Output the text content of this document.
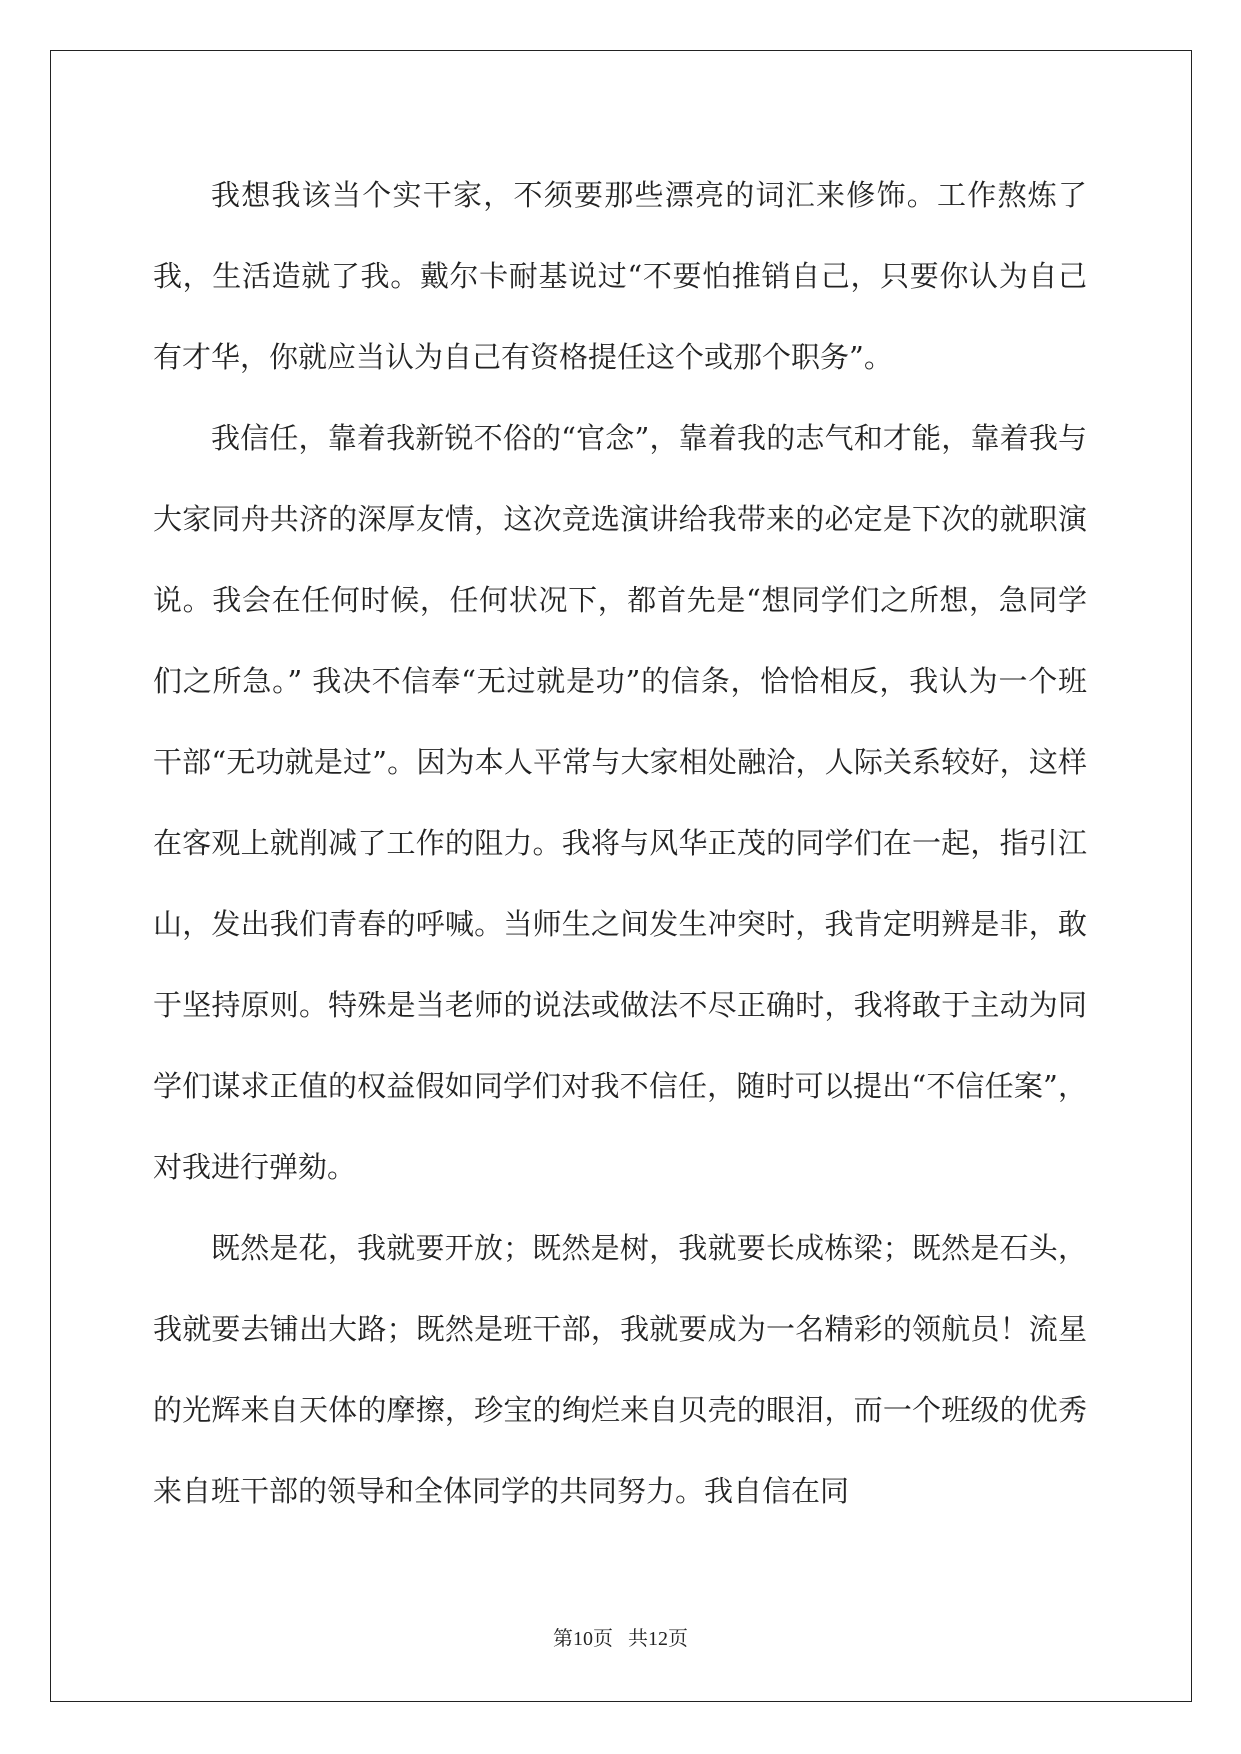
我想我该当个实干家，不须要那些漂亮的词汇来修饰。工作熬炼了我，生活造就了我。戴尔卡耐基说过“不要怕推销自己，只要你认为自己有才华，你就应当认为自己有资格提任这个或那个职务”。

我信任，靠着我新锐不俗的“官念”，靠着我的志气和才能，靠着我与大家同舟共济的深厚友情，这次竞选演讲给我带来的必定是下次的就职演说。我会在任何时候，任何状况下，都首先是“想同学们之所想，急同学们之所急。” 我决不信奉“无过就是功”的信条，恰恰相反，我认为一个班干部“无功就是过”。因为本人平常与大家相处融洽，人际关系较好，这样在客观上就削减了工作的阻力。我将与风华正茂的同学们在一起，指引江山，发出我们青春的呼喊。当师生之间发生冲突时，我肯定明辨是非，敢于坚持原则。特殊是当老师的说法或做法不尽正确时，我将敢于主动为同学们谋求正值的权益假如同学们对我不信任，随时可以提出“不信任案”，对我进行弹劾。

既然是花，我就要开放；既然是树，我就要长成栋梁；既然是石头，我就要去铺出大路；既然是班干部，我就要成为一名精彩的领航员！流星的光辉来自天体的摩擦，珍宝的绚烂来自贝壳的眼泪，而一个班级的优秀来自班干部的领导和全体同学的共同努力。我自信在同

第10页 共12页
